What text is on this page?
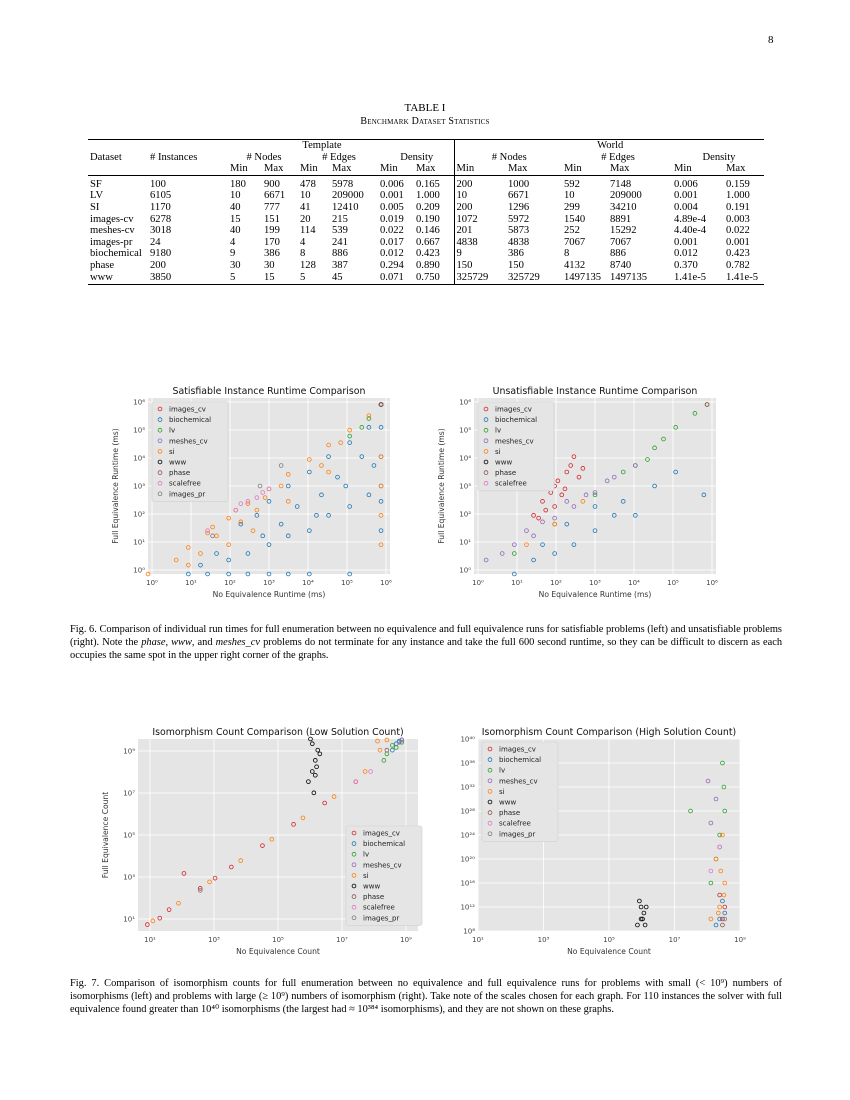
8
TABLE I
Benchmark Dataset Statistics
		Template						World					
Dataset	# Instances	# Nodes		# Edges		Density		# Nodes		# Edges		Density	
		Min	Max	Min	Max	Min	Max	Min	Max	Min	Max	Min	Max
SF	100	180	900	478	5978	0.006	0.165	200	1000	592	7148	0.006	0.159
LV	6105	10	6671	10	209000	0.001	1.000	10	6671	10	209000	0.001	1.000
SI	1170	40	777	41	12410	0.005	0.209	200	1296	299	34210	0.004	0.191
images-cv	6278	15	151	20	215	0.019	0.190	1072	5972	1540	8891	4.89e-4	0.003
meshes-cv	3018	40	199	114	539	0.022	0.146	201	5873	252	15292	4.40e-4	0.022
images-pr	24	4	170	4	241	0.017	0.667	4838	4838	7067	7067	0.001	0.001
biochemical	9180	9	386	8	886	0.012	0.423	9	386	8	886	0.012	0.423
phase	200	30	30	128	387	0.294	0.890	150	150	4132	8740	0.370	0.782
www	3850	5	15	5	45	0.071	0.750	325729	325729	1497135	1497135	1.41e-5	1.41e-5
10⁰	10¹	10²	10³	10⁴	10⁵	10⁶
10⁰
10¹
10²
10³
10⁴
10⁵
10⁶
Satisfiable Instance Runtime Comparison
No Equivalence Runtime (ms)
Full Equivalence Runtime (ms)
images_cv
biochemical
lv
meshes_cv
si
www
phase
scalefree
images_pr
10⁰	10¹	10²	10³	10⁴	10⁵	10⁶
10⁰
10¹
10²
10³
10⁴
10⁵
10⁶
Unsatisfiable Instance Runtime Comparison
No Equivalence Runtime (ms)
Full Equivalence Runtime (ms)
images_cv
biochemical
lv
meshes_cv
si
www
phase
scalefree
Fig. 6. Comparison of individual run times for full enumeration between no equivalence and full equivalence runs for satisfiable problems (left) and unsatisfiable problems (right). Note the phase, www, and meshes_cv problems do not terminate for any instance and take the full 600 second runtime, so they can be difficult to discern as each occupies the same spot in the upper right corner of the graphs.
10¹	10³	10⁵	10⁷	10⁹
10¹
10³
10⁵
10⁷
10⁹
Isomorphism Count Comparison (Low Solution Count)
No Equivalence Count
Full Equivalence Count	images_cv
biochemical
lv
meshes_cv
si
www
phase
scalefree
images_pr
10¹	10³	10⁵	10⁷	10⁹
10⁸
10¹²
10¹⁶
10²⁰
10²⁴
10²⁸
10³²
10³⁶
10⁴⁰
Isomorphism Count Comparison (High Solution Count)
No Equivalence Count
images_cv
biochemical
lv
meshes_cv
si
www
phase
scalefree
images_pr
Fig. 7. Comparison of isomorphism counts for full enumeration between no equivalence and full equivalence runs for problems with small (< 10⁹) numbers of isomorphisms (left) and problems with large (≥ 10⁹) numbers of isomorphism (right). Take note of the scales chosen for each graph. For 110 instances the solver with full equivalence found greater than 10⁴⁰ isomorphisms (the largest had ≈ 10³⁸⁴ isomorphisms), and they are not shown on these graphs.
